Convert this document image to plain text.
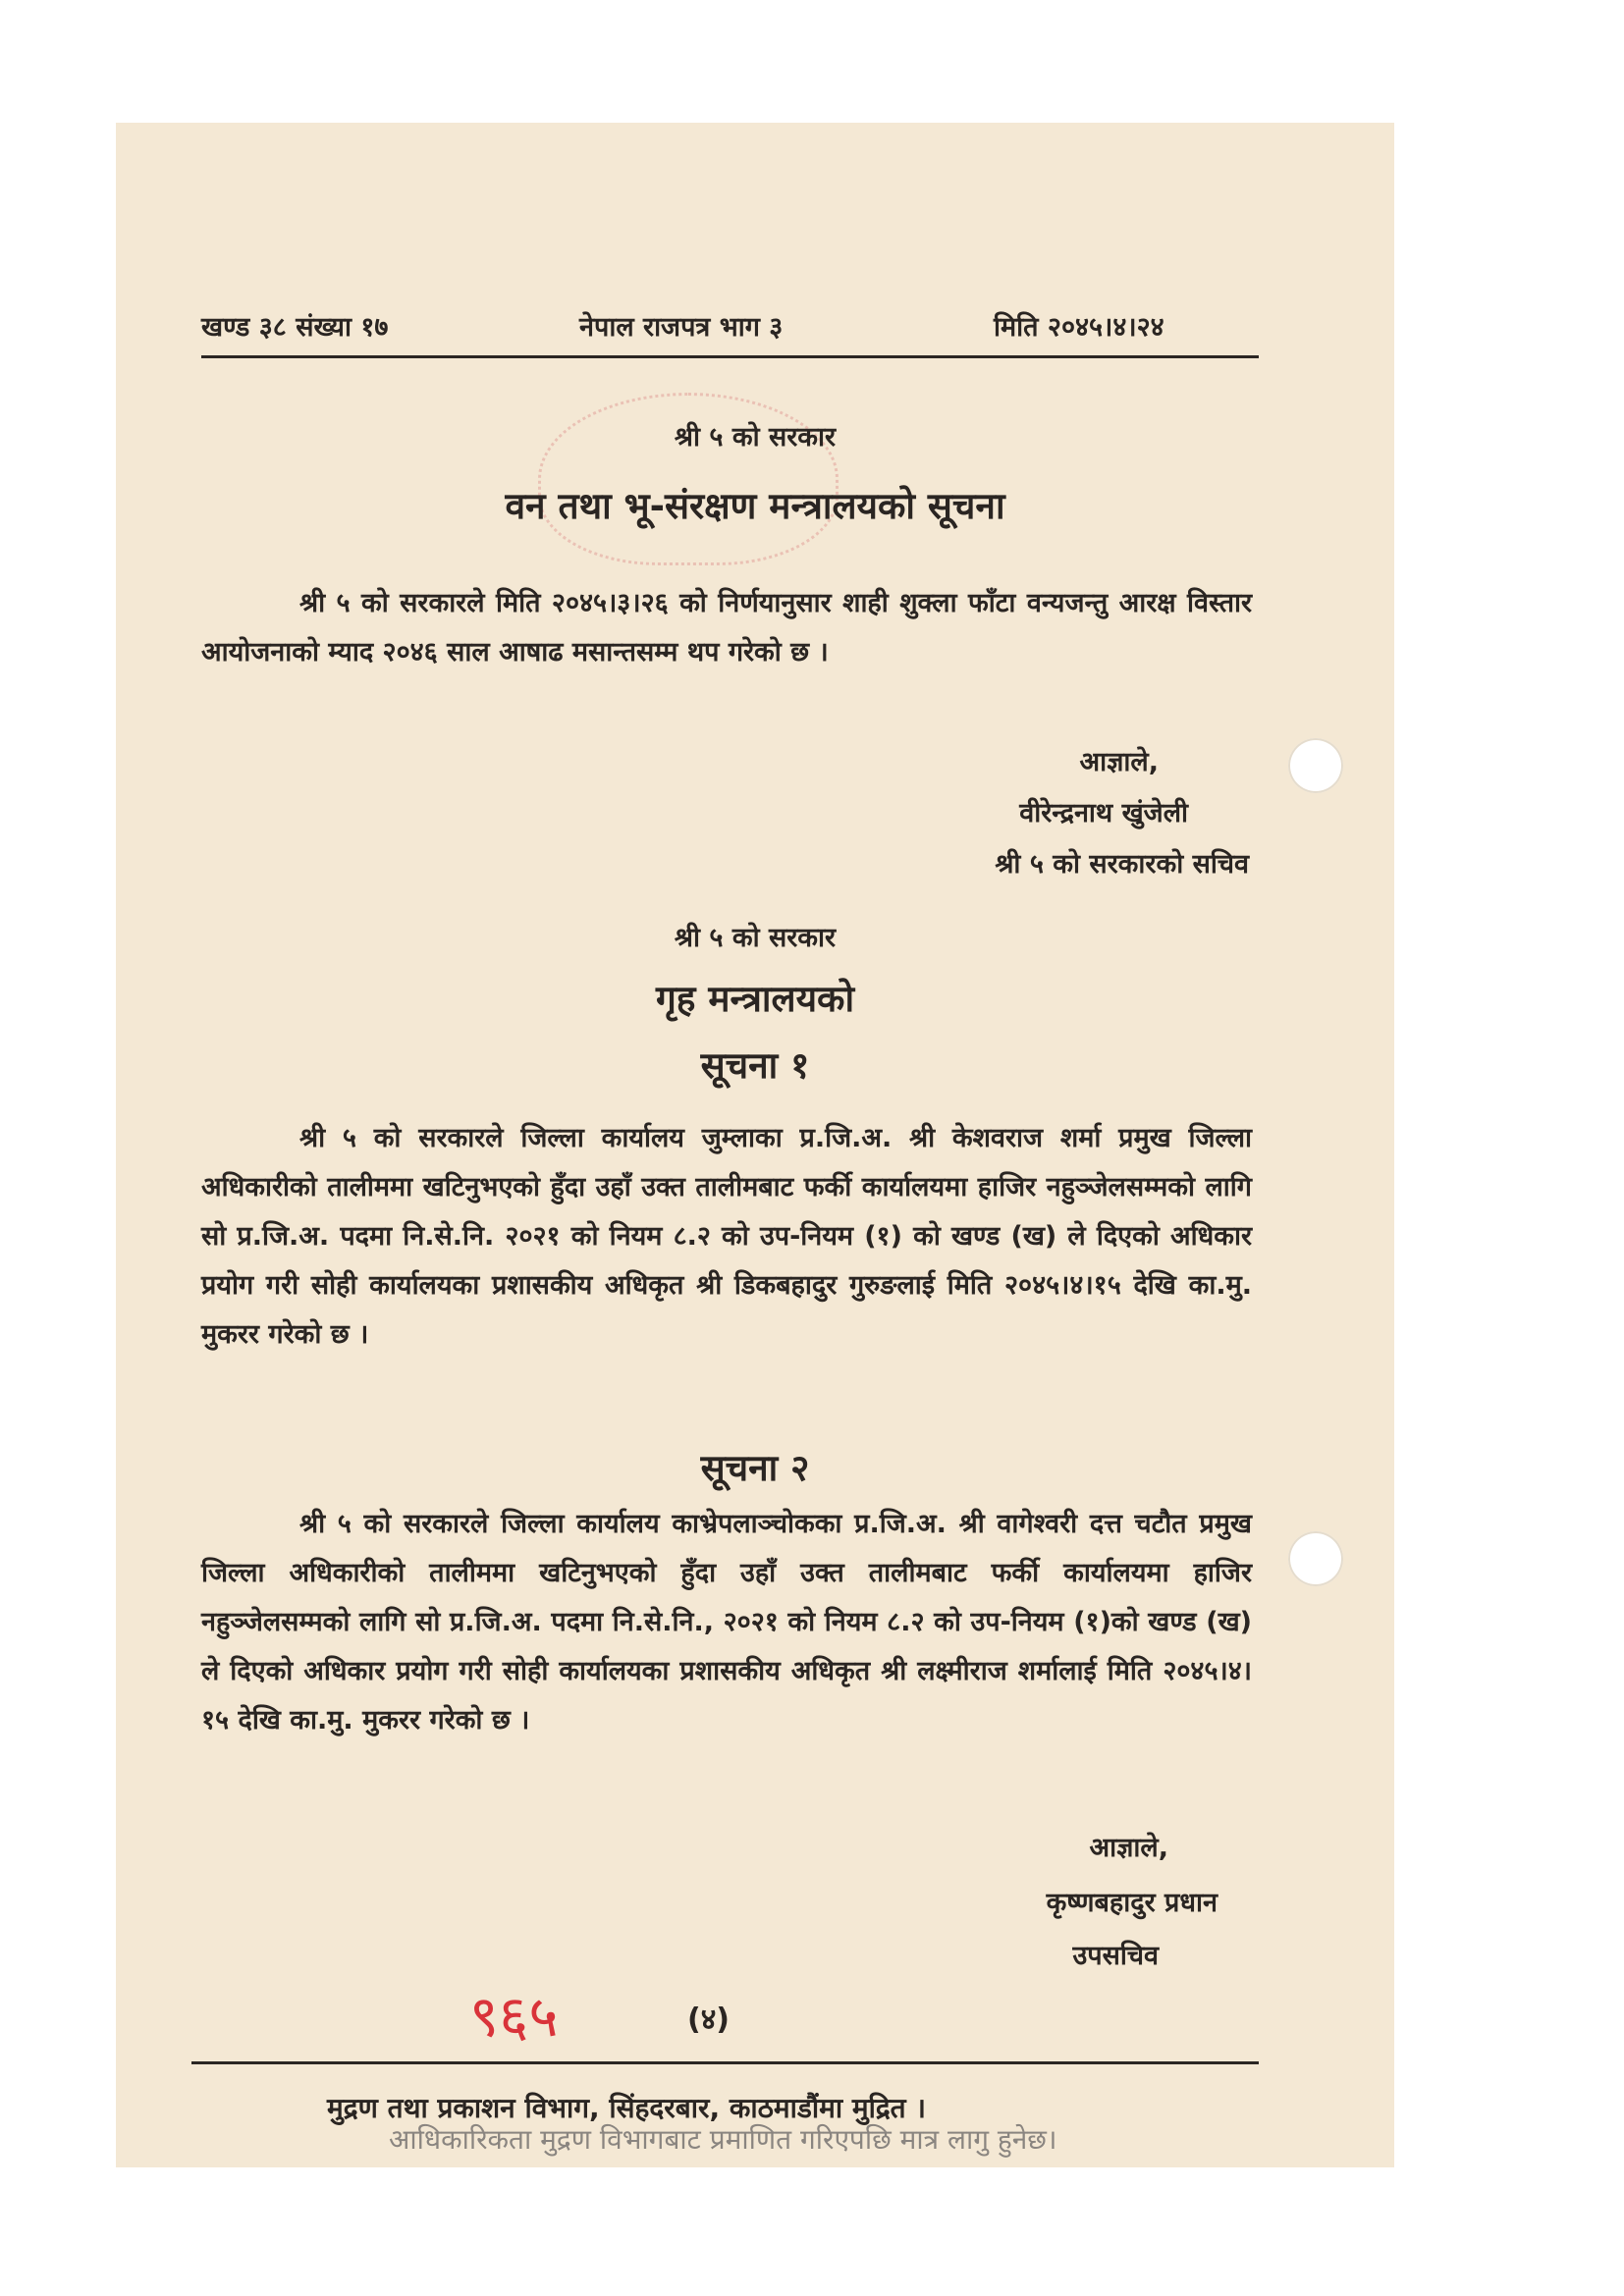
खण्ड ३८ संख्या १७	नेपाल राजपत्र भाग ३	मिति २०४५।४।२४
श्री ५ को सरकार
वन तथा भू-संरक्षण मन्त्रालयको सूचना

श्री ५ को सरकारले मिति २०४५।३।२६ को निर्णयानुसार शाही शुक्ला फाँटा वन्यजन्तु आरक्ष विस्तार आयोजनाको म्याद २०४६ साल आषाढ मसान्तसम्म थप गरेको छ ।

आज्ञाले,
वीरेन्द्रनाथ खुंजेली
श्री ५ को सरकारको सचिव
श्री ५ को सरकार
गृह मन्त्रालयको
सूचना १

श्री ५ को सरकारले जिल्ला कार्यालय जुम्लाका प्र.जि.अ. श्री केशवराज शर्मा प्रमुख जिल्ला अधिकारीको तालीममा खटिनुभएको हुँदा उहाँ उक्त तालीमबाट फर्की कार्यालयमा हाजिर नहुञ्जेलसम्मको लागि सो प्र.जि.अ. पदमा नि.से.नि. २०२१ को नियम ८.२ को उप-नियम (१) को खण्ड (ख) ले दिएको अधिकार प्रयोग गरी सोही कार्यालयका प्रशासकीय अधिकृत श्री डिकबहादुर गुरुङलाई मिति २०४५।४।१५ देखि का.मु. मुकरर गरेको छ ।

सूचना २

श्री ५ को सरकारले जिल्ला कार्यालय काभ्रेपलाञ्चोकका प्र.जि.अ. श्री वागेश्वरी दत्त चटौत प्रमुख जिल्ला अधिकारीको तालीममा खटिनुभएको हुँदा उहाँ उक्त तालीमबाट फर्की कार्यालयमा हाजिर नहुञ्जेलसम्मको लागि सो प्र.जि.अ. पदमा नि.से.नि., २०२१ को नियम ८.२ को उप-नियम (१)को खण्ड (ख) ले दिएको अधिकार प्रयोग गरी सोही कार्यालयका प्रशासकीय अधिकृत श्री लक्ष्मीराज शर्मालाई मिति २०४५।४।१५ देखि का.मु. मुकरर गरेको छ ।

आज्ञाले,
कृष्णबहादुर प्रधान
उपसचिव
९६५	(४)
मुद्रण तथा प्रकाशन विभाग, सिंहदरबार, काठमाडौंमा मुद्रित ।
आधिकारिकता मुद्रण विभागबाट प्रमाणित गरिएपछि मात्र लागु हुनेछ।
